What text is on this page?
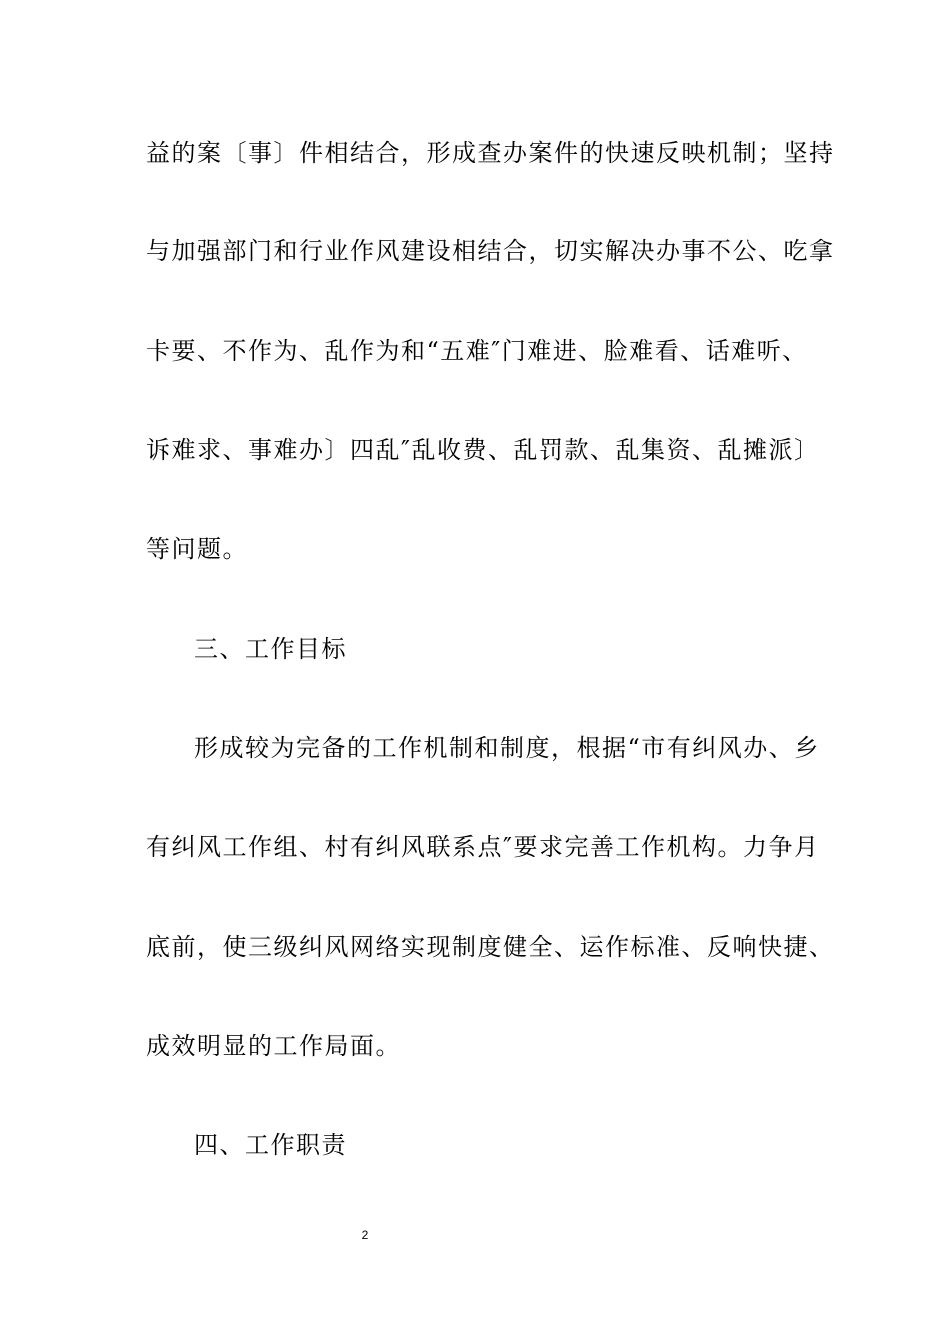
益的案〔事〕件相结合，形成查办案件的快速反映机制；坚持
与加强部门和行业作风建设相结合，切实解决办事不公、吃拿
卡要、不作为、乱作为和“五难″门难进、脸难看、话难听、
诉难求、事难办〕四乱″乱收费、乱罚款、乱集资、乱摊派〕
等问题。
三、工作目标
形成较为完备的工作机制和制度，根据“市有纠风办、乡
有纠风工作组、村有纠风联系点″要求完善工作机构。力争月
底前，使三级纠风网络实现制度健全、运作标准、反响快捷、
成效明显的工作局面。
四、工作职责
2
